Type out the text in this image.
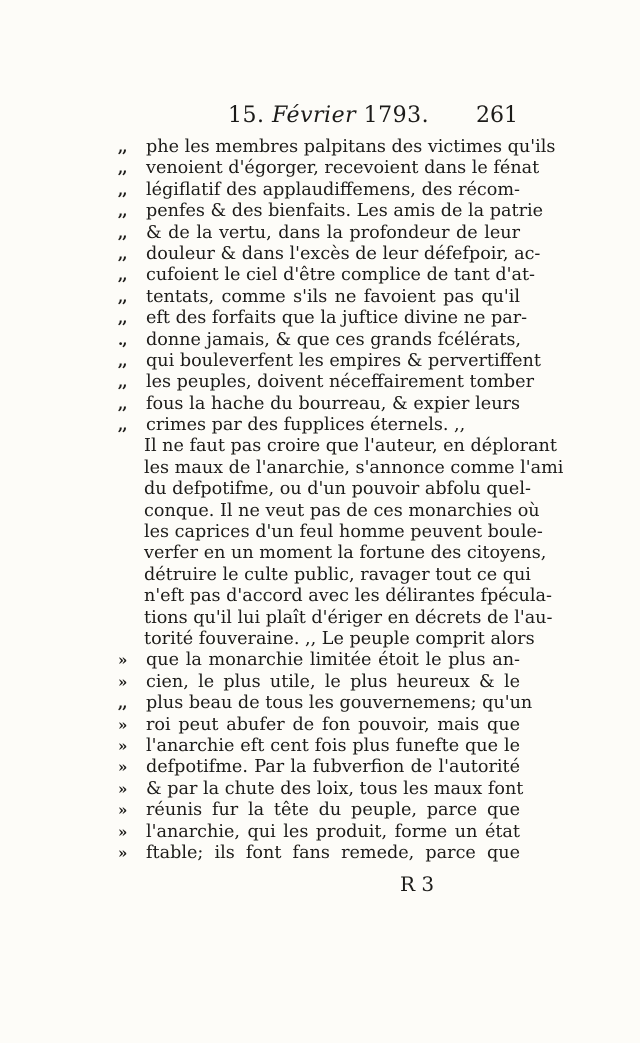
15. Février 1793. 261
,, phe les membres palpitans des victimes qu'ils
,, venoient d'égorger, recevoient dans le fénat
,, légiflatif des applaudiffemens, des récom-
,, penfes & des bienfaits. Les amis de la patrie
,, & de la vertu, dans la profondeur de leur
,, douleur & dans l'excès de leur défefpoir, ac-
,, cufoient le ciel d'être complice de tant d'at-
,, tentats, comme s'ils ne favoient pas qu'il
,, eft des forfaits que la juftice divine ne par-
., donne jamais, & que ces grands fcélérats,
,, qui bouleverfent les empires & pervertiffent
,, les peuples, doivent néceffairement tomber
,, fous la hache du bourreau, & expier leurs
,, crimes par des fupplices éternels. ,,
Il ne faut pas croire que l'auteur, en déplorant
les maux de l'anarchie, s'annonce comme l'ami
du defpotifme, ou d'un pouvoir abfolu quel-
conque. Il ne veut pas de ces monarchies où
les caprices d'un feul homme peuvent boule-
verfer en un moment la fortune des citoyens,
détruire le culte public, ravager tout ce qui
n'eft pas d'accord avec les délirantes fpécula-
tions qu'il lui plaît d'ériger en décrets de l'au-
torité fouveraine. ,, Le peuple comprit alors
» que la monarchie limitée étoit le plus an-
» cien, le plus utile, le plus heureux & le
,, plus beau de tous les gouvernemens; qu'un
» roi peut abufer de fon pouvoir, mais que
» l'anarchie eft cent fois plus funefte que le
» defpotifme. Par la fubverfion de l'autorité
» & par la chute des loix, tous les maux font
» réunis fur la tête du peuple, parce que
» l'anarchie, qui les produit, forme un état
» ftable; ils font fans remede, parce que
R 3
